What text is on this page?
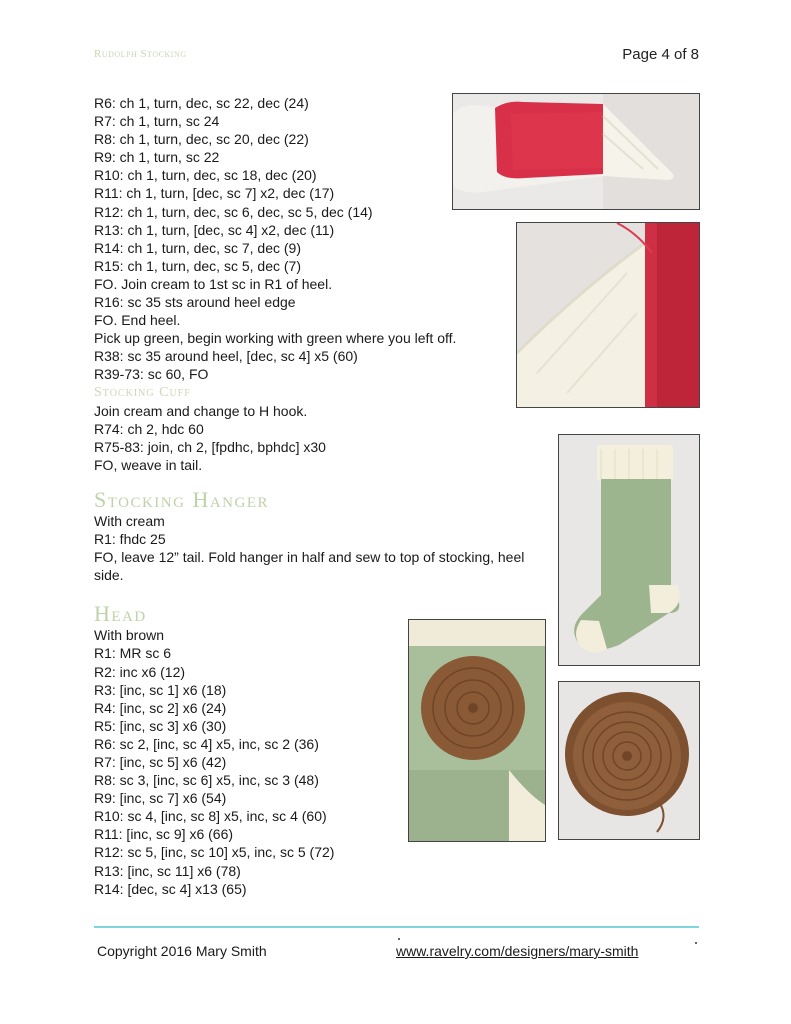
Rudolph Stocking	Page 4 of 8
R6: ch 1, turn, dec, sc 22, dec (24)
R7: ch 1, turn, sc 24
R8: ch 1, turn, dec, sc 20, dec (22)
R9: ch 1, turn, sc 22
R10: ch 1, turn, dec, sc 18, dec (20)
R11: ch 1, turn, [dec, sc 7] x2, dec (17)
R12: ch 1, turn, dec, sc 6, dec, sc 5, dec (14)
R13: ch 1, turn, [dec, sc 4] x2, dec (11)
R14: ch 1, turn, dec, sc 7, dec (9)
R15: ch 1, turn, dec, sc 5, dec (7)
FO. Join cream to 1st sc in R1 of heel.
R16: sc 35 sts around heel edge
FO. End heel.
Pick up green, begin working with green where you left off.
R38: sc 35 around heel, [dec, sc 4] x5 (60)
R39-73: sc 60, FO
Stocking Cuff
Join cream and change to H hook.
R74: ch 2, hdc 60
R75-83: join, ch 2, [fpdhc, bphdc] x30
FO, weave in tail.
Stocking Hanger
With cream
R1: fhdc 25
FO, leave 12” tail. Fold hanger in half and sew to top of stocking, heel side.
Head
With brown
R1: MR sc 6
R2: inc x6 (12)
R3: [inc, sc 1] x6 (18)
R4: [inc, sc 2] x6 (24)
R5: [inc, sc 3] x6 (30)
R6: sc 2, [inc, sc 4] x5, inc, sc 2 (36)
R7: [inc, sc 5] x6 (42)
R8: sc 3, [inc, sc 6] x5, inc, sc 3 (48)
R9: [inc, sc 7] x6 (54)
R10: sc 4, [inc, sc 8] x5, inc, sc 4 (60)
R11: [inc, sc 9] x6 (66)
R12: sc 5, [inc, sc 10] x5, inc, sc 5 (72)
R13: [inc, sc 11] x6 (78)
R14: [dec, sc 4] x13 (65)
Copyright 2016 Mary Smith	www.ravelry.com/designers/mary-smith
